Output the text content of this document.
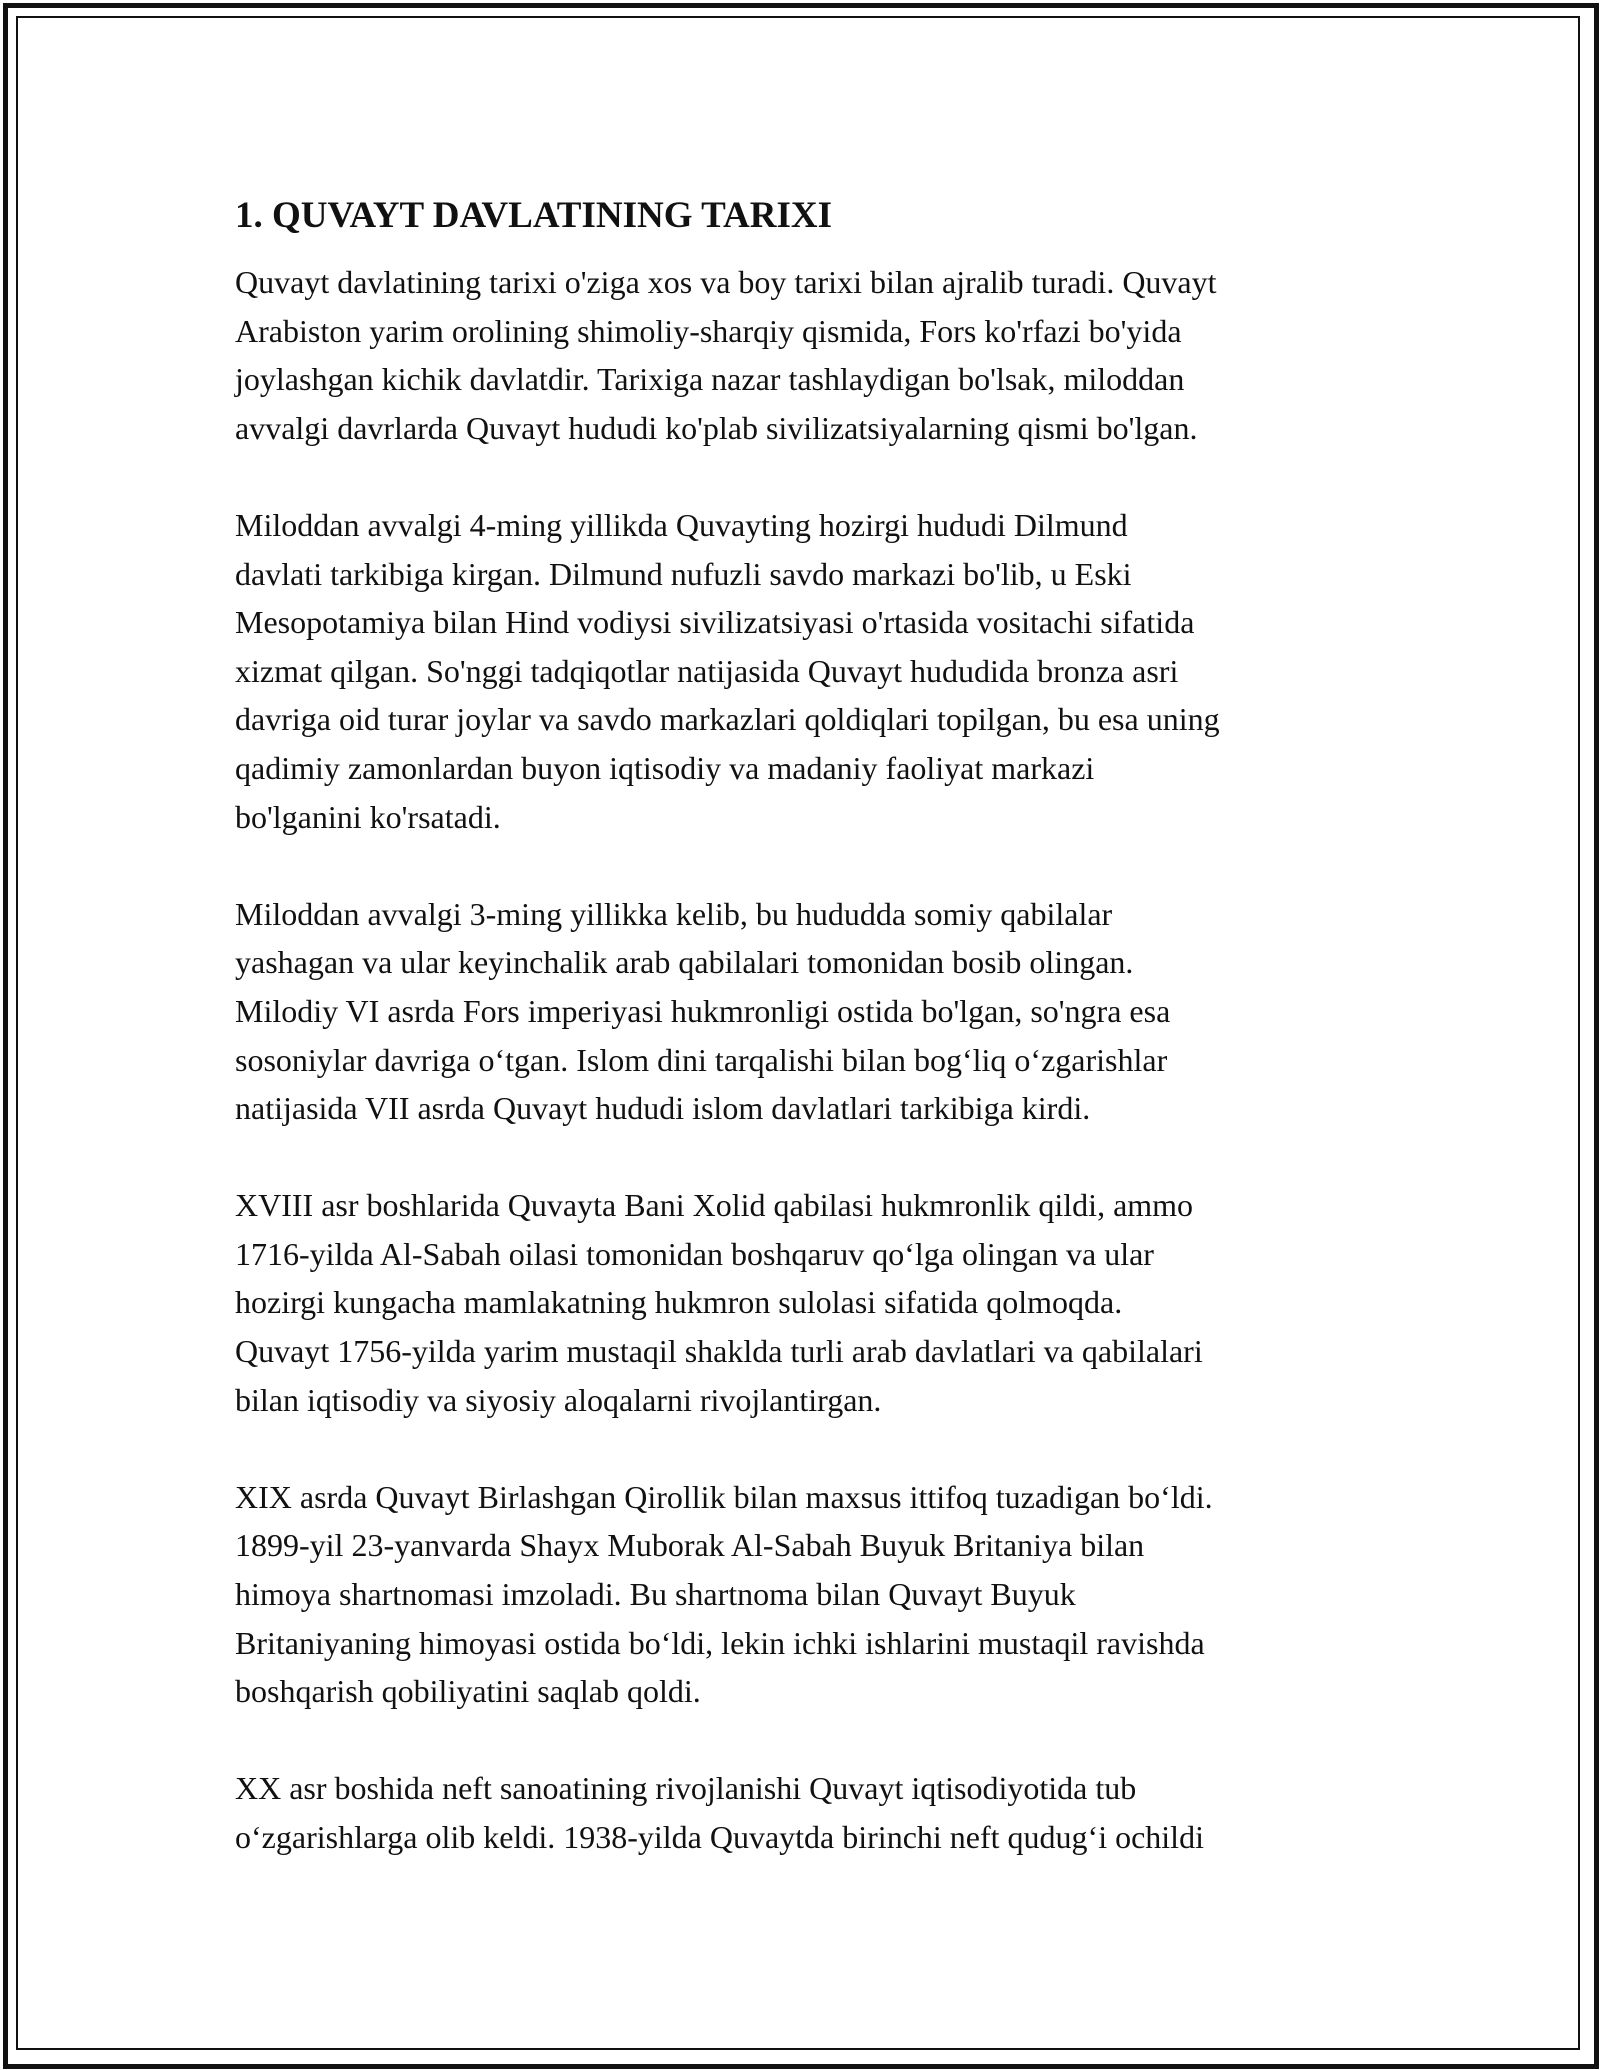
1. QUVAYT DAVLATINING TARIXI
Quvayt davlatining tarixi o'ziga xos va boy tarixi bilan ajralib turadi. Quvayt
Arabiston yarim orolining shimoliy-sharqiy qismida, Fors ko'rfazi bo'yida
joylashgan kichik davlatdir. Tarixiga nazar tashlaydigan bo'lsak, miloddan
avvalgi davrlarda Quvayt hududi ko'plab sivilizatsiyalarning qismi bo'lgan.
Miloddan avvalgi 4-ming yillikda Quvayting hozirgi hududi Dilmund
davlati tarkibiga kirgan. Dilmund nufuzli savdo markazi bo'lib, u Eski
Mesopotamiya bilan Hind vodiysi sivilizatsiyasi o'rtasida vositachi sifatida
xizmat qilgan. So'nggi tadqiqotlar natijasida Quvayt hududida bronza asri
davriga oid turar joylar va savdo markazlari qoldiqlari topilgan, bu esa uning
qadimiy zamonlardan buyon iqtisodiy va madaniy faoliyat markazi
bo'lganini ko'rsatadi.
Miloddan avvalgi 3-ming yillikka kelib, bu hududda somiy qabilalar
yashagan va ular keyinchalik arab qabilalari tomonidan bosib olingan.
Milodiy VI asrda Fors imperiyasi hukmronligi ostida bo'lgan, so'ngra esa
sosoniylar davriga o‘tgan. Islom dini tarqalishi bilan bog‘liq o‘zgarishlar
natijasida VII asrda Quvayt hududi islom davlatlari tarkibiga kirdi.
XVIII asr boshlarida Quvayta Bani Xolid qabilasi hukmronlik qildi, ammo
1716-yilda Al-Sabah oilasi tomonidan boshqaruv qo‘lga olingan va ular
hozirgi kungacha mamlakatning hukmron sulolasi sifatida qolmoqda.
Quvayt 1756-yilda yarim mustaqil shaklda turli arab davlatlari va qabilalari
bilan iqtisodiy va siyosiy aloqalarni rivojlantirgan.
XIX asrda Quvayt Birlashgan Qirollik bilan maxsus ittifoq tuzadigan bo‘ldi.
1899-yil 23-yanvarda Shayx Muborak Al-Sabah Buyuk Britaniya bilan
himoya shartnomasi imzoladi. Bu shartnoma bilan Quvayt Buyuk
Britaniyaning himoyasi ostida bo‘ldi, lekin ichki ishlarini mustaqil ravishda
boshqarish qobiliyatini saqlab qoldi.
XX asr boshida neft sanoatining rivojlanishi Quvayt iqtisodiyotida tub
o‘zgarishlarga olib keldi. 1938-yilda Quvaytda birinchi neft qudug‘i ochildi
